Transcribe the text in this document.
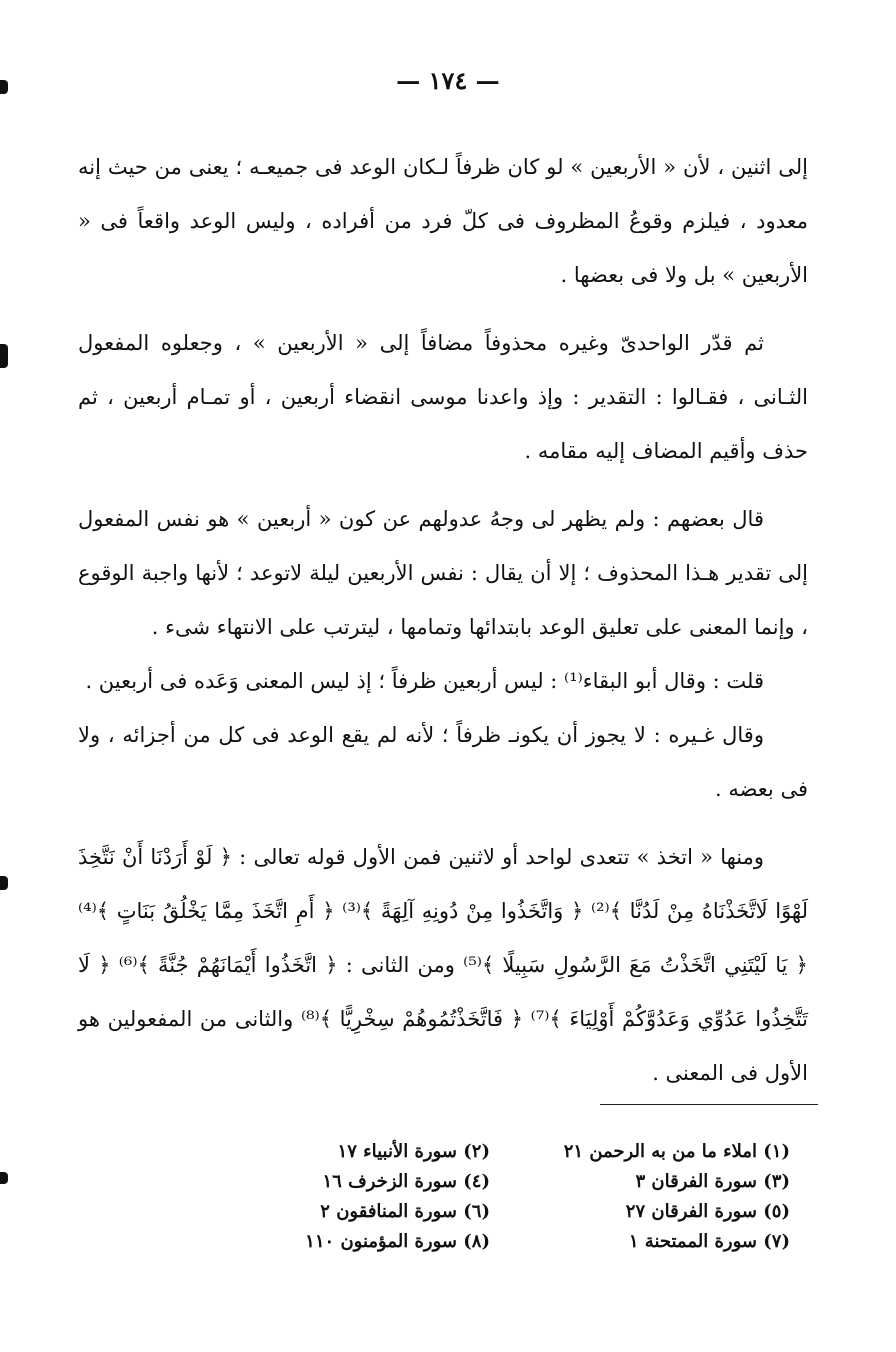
— ١٧٤ —

إلى اثنين ، لأن « الأربعين » لو كان ظرفاً لـكان الوعد فى جميعـه ؛ يعنى من حيث إنه معدود ، فيلزم وقوعُ المظروف فى كلّ فرد من أفراده ، وليس الوعد واقعاً فى « الأربعين » بل ولا فى بعضها .

ثم قدّر الواحدىّ وغيره محذوفاً مضافاً إلى « الأربعين » ، وجعلوه المفعول الثـانى ، فقـالوا : التقدير : وإذ واعدنا موسى انقضاء أربعين ، أو تمـام أربعين ، ثم حذف وأقيم المضاف إليه مقامه .

قال بعضهم : ولم يظهر لى وجهُ عدولهم عن كون « أربعين » هو نفس المفعول إلى تقدير هـذا المحذوف ؛ إلا أن يقال : نفس الأربعين ليلة لاتوعد ؛ لأنها واجبة الوقوع ، وإنما المعنى على تعليق الوعد بابتدائها وتمامها ، ليترتب على الانتهاء شىء .

قلت : وقال أبو البقاء⁽¹⁾ : ليس أربعين ظرفاً ؛ إذ ليس المعنى وَعَده فى أربعين .

وقال غـيره : لا يجوز أن يكونـ ظرفاً ؛ لأنه لم يقع الوعد فى كل من أجزائه ، ولا فى بعضه .

ومنها « اتخذ » تتعدى لواحد أو لاثنين فمن الأول قوله تعالى : ﴿ لَوْ أَرَدْنَا أَنْ نَتَّخِذَ لَهْوًا لَاتَّخَذْنَاهُ مِنْ لَدُنَّا ﴾⁽²⁾ ﴿ وَاتَّخَذُوا مِنْ دُونِهِ آلِهَةً ﴾⁽³⁾ ﴿ أَمِ اتَّخَذَ مِمَّا يَخْلُقُ بَنَاتٍ ﴾⁽⁴⁾ ﴿ يَا لَيْتَنِي اتَّخَذْتُ مَعَ الرَّسُولِ سَبِيلًا ﴾⁽⁵⁾ ومن الثانى : ﴿ اتَّخَذُوا أَيْمَانَهُمْ جُنَّةً ﴾⁽⁶⁾ ﴿ لَا تَتَّخِذُوا عَدُوِّي وَعَدُوَّكُمْ أَوْلِيَاءَ ﴾⁽⁷⁾ ﴿ فَاتَّخَذْتُمُوهُمْ سِخْرِيًّا ﴾⁽⁸⁾ والثانى من المفعولين هو الأول فى المعنى .

(١) املاء ما من به الرحمن ٢١
(٢) سورة الأنبياء ١٧
(٣) سورة الفرقان ٣
(٤) سورة الزخرف ١٦
(٥) سورة الفرقان ٢٧
(٦) سورة المنافقون ٢
(٧) سورة الممتحنة ١
(٨) سورة المؤمنون ١١٠
